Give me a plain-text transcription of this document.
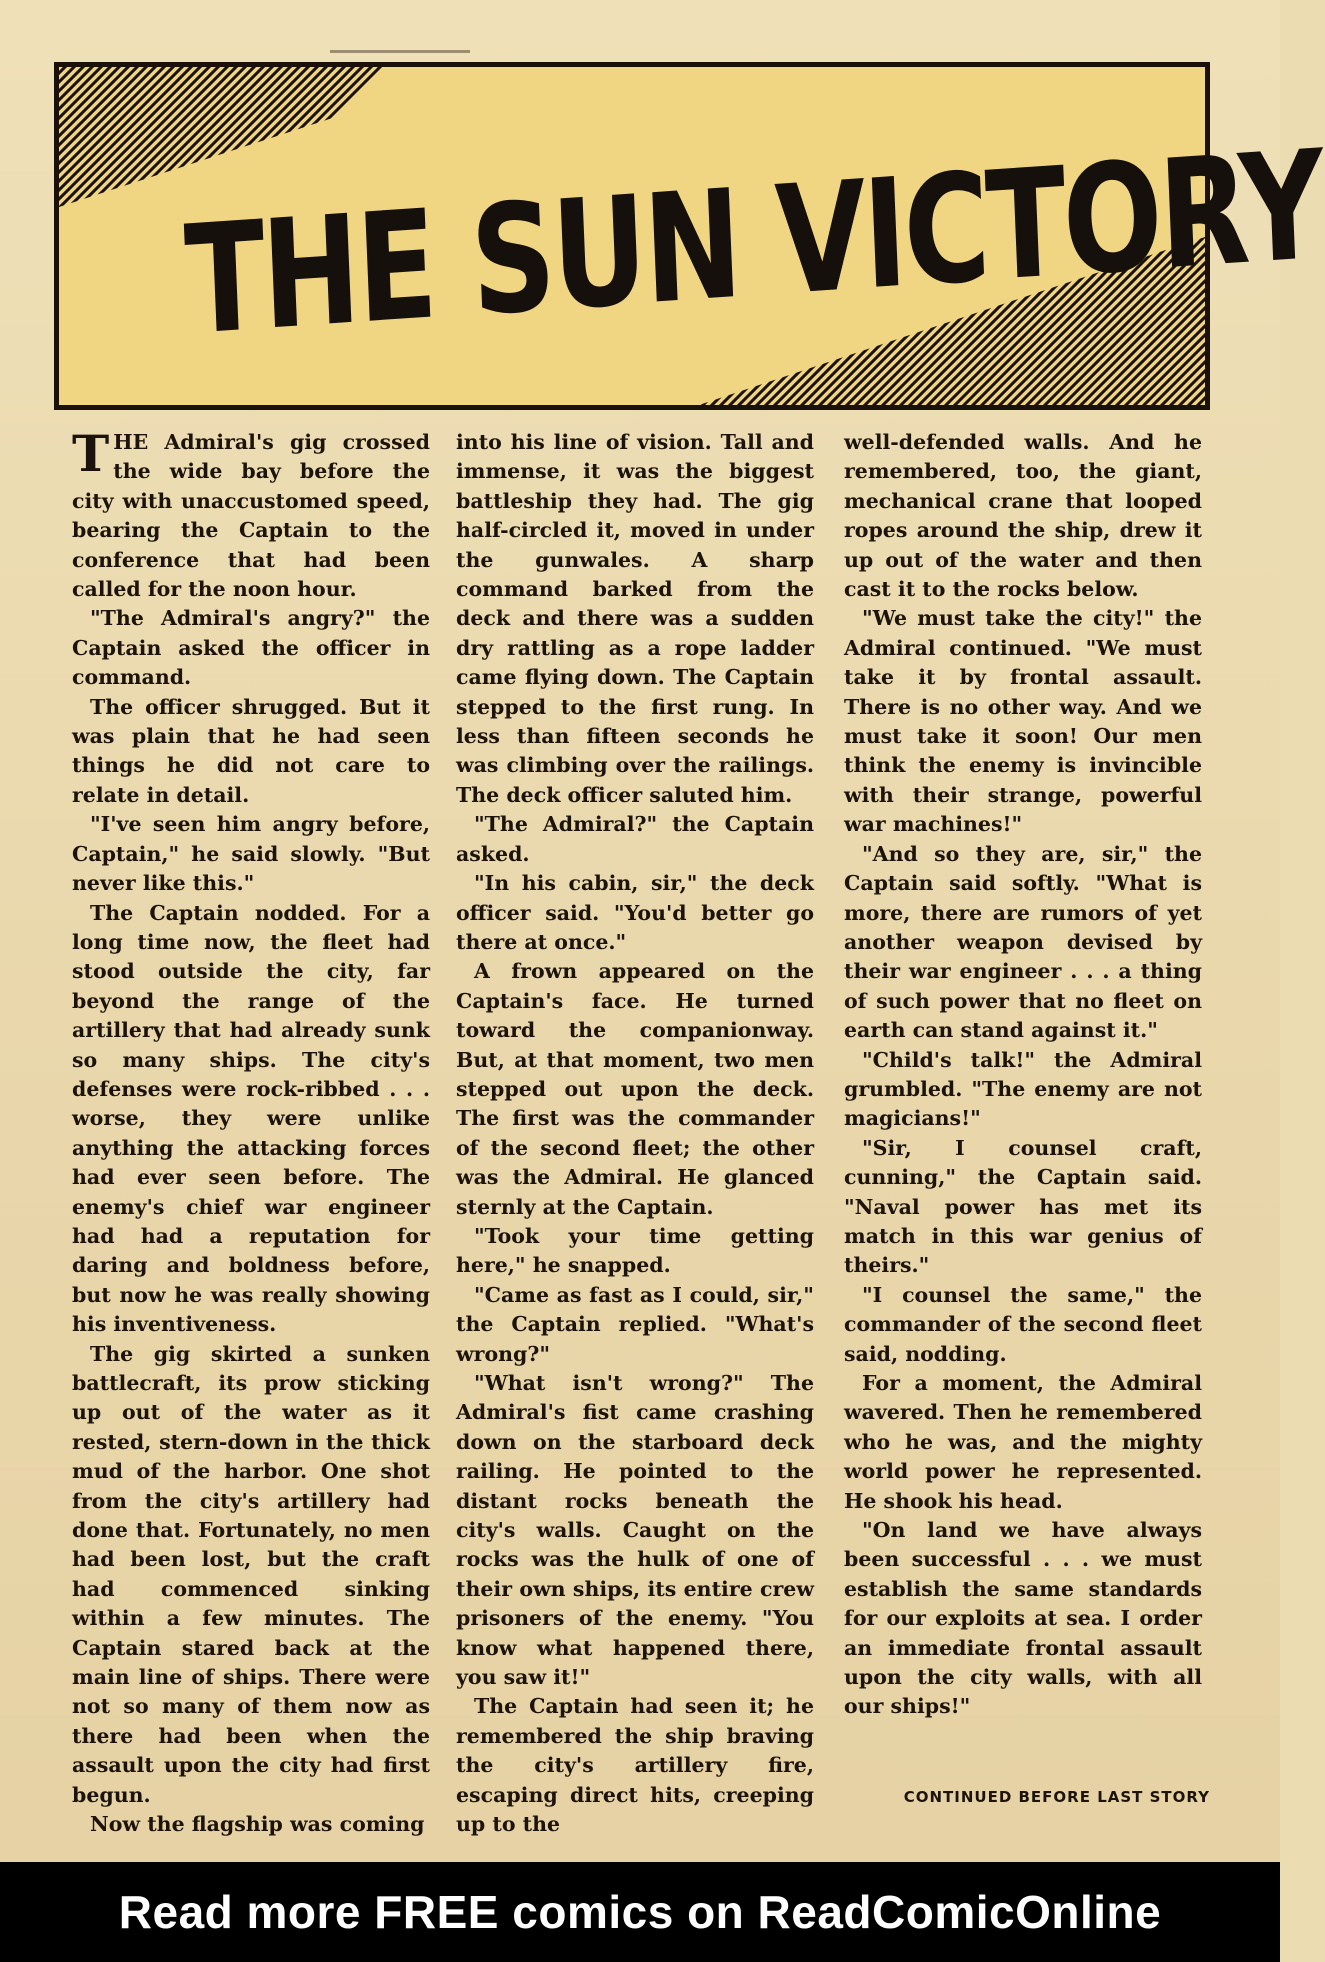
THE SUN VICTORY

THE Admiral's gig crossed the wide bay before the city with unaccustomed speed, bearing the Captain to the conference that had been called for the noon hour.

"The Admiral's angry?" the Captain asked the officer in command.

The officer shrugged. But it was plain that he had seen things he did not care to relate in detail.

"I've seen him angry before, Captain," he said slowly. "But never like this."

The Captain nodded. For a long time now, the fleet had stood outside the city, far beyond the range of the artillery that had already sunk so many ships. The city's defenses were rock-ribbed . . . worse, they were unlike anything the attacking forces had ever seen before. The enemy's chief war engineer had had a reputation for daring and boldness before, but now he was really showing his inventiveness.

The gig skirted a sunken battlecraft, its prow sticking up out of the water as it rested, stern-down in the thick mud of the harbor. One shot from the city's artillery had done that. Fortunately, no men had been lost, but the craft had commenced sinking within a few minutes. The Captain stared back at the main line of ships. There were not so many of them now as there had been when the assault upon the city had first begun.

Now the flagship was coming

into his line of vision. Tall and immense, it was the biggest battleship they had. The gig half-circled it, moved in under the gunwales. A sharp command barked from the deck and there was a sudden dry rattling as a rope ladder came flying down. The Captain stepped to the first rung. In less than fifteen seconds he was climbing over the railings. The deck officer saluted him.

"The Admiral?" the Captain asked.

"In his cabin, sir," the deck officer said. "You'd better go there at once."

A frown appeared on the Captain's face. He turned toward the companionway. But, at that moment, two men stepped out upon the deck. The first was the commander of the second fleet; the other was the Admiral. He glanced sternly at the Captain.

"Took your time getting here," he snapped.

"Came as fast as I could, sir," the Captain replied. "What's wrong?"

"What isn't wrong?" The Admiral's fist came crashing down on the starboard deck railing. He pointed to the distant rocks beneath the city's walls. Caught on the rocks was the hulk of one of their own ships, its entire crew prisoners of the enemy. "You know what happened there, you saw it!"

The Captain had seen it; he remembered the ship braving the city's artillery fire, escaping direct hits, creeping up to the

well-defended walls. And he remembered, too, the giant, mechanical crane that looped ropes around the ship, drew it up out of the water and then cast it to the rocks below.

"We must take the city!" the Admiral continued. "We must take it by frontal assault. There is no other way. And we must take it soon! Our men think the enemy is invincible with their strange, powerful war machines!"

"And so they are, sir," the Captain said softly. "What is more, there are rumors of yet another weapon devised by their war engineer . . . a thing of such power that no fleet on earth can stand against it."

"Child's talk!" the Admiral grumbled. "The enemy are not magicians!"

"Sir, I counsel craft, cunning," the Captain said. "Naval power has met its match in this war genius of theirs."

"I counsel the same," the commander of the second fleet said, nodding.

For a moment, the Admiral wavered. Then he remembered who he was, and the mighty world power he represented. He shook his head.

"On land we have always been successful . . . we must establish the same standards for our exploits at sea. I order an immediate frontal assault upon the city walls, with all our ships!"

CONTINUED BEFORE LAST STORY
Read more FREE comics on ReadComicOnline
